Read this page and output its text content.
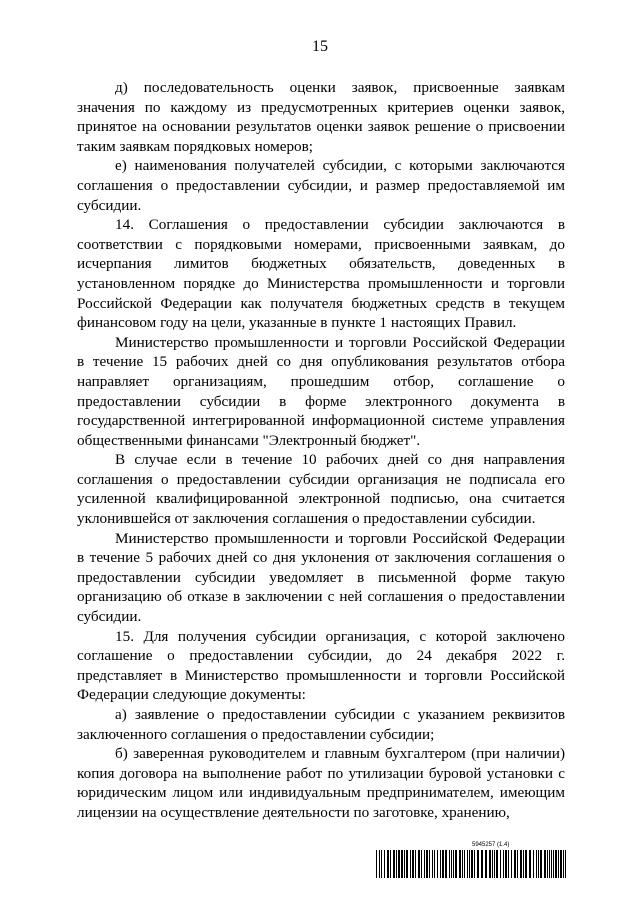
15

д) последовательность оценки заявок, присвоенные заявкам значения по каждому из предусмотренных критериев оценки заявок, принятое на основании результатов оценки заявок решение о присвоении таким заявкам порядковых номеров;

е) наименования получателей субсидии, с которыми заключаются соглашения о предоставлении субсидии, и размер предоставляемой им субсидии.

14. Соглашения о предоставлении субсидии заключаются в соответствии с порядковыми номерами, присвоенными заявкам, до исчерпания лимитов бюджетных обязательств, доведенных в установленном порядке до Министерства промышленности и торговли Российской Федерации как получателя бюджетных средств в текущем финансовом году на цели, указанные в пункте 1 настоящих Правил.

Министерство промышленности и торговли Российской Федерации в течение 15 рабочих дней со дня опубликования результатов отбора направляет организациям, прошедшим отбор, соглашение о предоставлении субсидии в форме электронного документа в государственной интегрированной информационной системе управления общественными финансами "Электронный бюджет".

В случае если в течение 10 рабочих дней со дня направления соглашения о предоставлении субсидии организация не подписала его усиленной квалифицированной электронной подписью, она считается уклонившейся от заключения соглашения о предоставлении субсидии.

Министерство промышленности и торговли Российской Федерации в течение 5 рабочих дней со дня уклонения от заключения соглашения о предоставлении субсидии уведомляет в письменной форме такую организацию об отказе в заключении с ней соглашения о предоставлении субсидии.

15. Для получения субсидии организация, с которой заключено соглашение о предоставлении субсидии, до 24 декабря 2022 г. представляет в Министерство промышленности и торговли Российской Федерации следующие документы:

а) заявление о предоставлении субсидии с указанием реквизитов заключенного соглашения о предоставлении субсидии;

б) заверенная руководителем и главным бухгалтером (при наличии) копия договора на выполнение работ по утилизации буровой установки с юридическим лицом или индивидуальным предпринимателем, имеющим лицензии на осуществление деятельности по заготовке, хранению,

5945257 (1.4)
